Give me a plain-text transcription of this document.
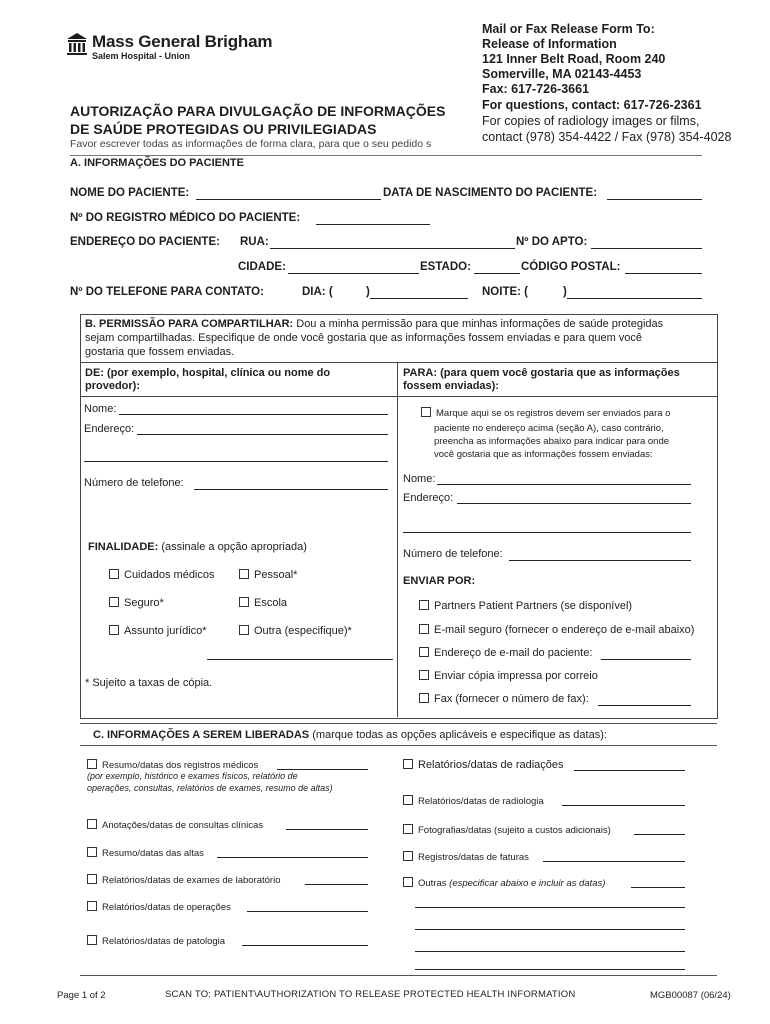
Mass General Brigham
Salem Hospital - Union
Mail or Fax Release Form To:
Release of Information
121 Inner Belt Road, Room 240
Somerville, MA 02143-4453
Fax: 617-726-3661
For questions, contact: 617-726-2361
For copies of radiology images or films,
contact (978) 354-4422 / Fax (978) 354-4028
AUTORIZAÇÃO PARA DIVULGAÇÃO DE INFORMAÇÕES
DE SAÚDE PROTEGIDAS OU PRIVILEGIADAS
Favor escrever todas as informações de forma clara, para que o seu pedido s
A. INFORMAÇÕES DO PACIENTE
NOME DO PACIENTE:	DATA DE NASCIMENTO DO PACIENTE:
Nº DO REGISTRO MÉDICO DO PACIENTE:
ENDEREÇO DO PACIENTE: RUA:	Nº DO APTO:
CIDADE:	ESTADO:	CÓDIGO POSTAL:
Nº DO TELEFONE PARA CONTATO:	DIA: (	)	NOITE: (	)
B. PERMISSÃO PARA COMPARTILHAR: Dou a minha permissão para que minhas informações de saúde protegidas
sejam compartilhadas. Especifique de onde você gostaria que as informações fossem enviadas e para quem você
gostaria que fossem enviadas.
DE: (por exemplo, hospital, clínica ou nome do
provedor):
Nome:
Endereço:
Número de telefone:
FINALIDADE: (assinale a opção apropriada)
Cuidados médicos	Pessoal*
Seguro*	Escola
Assunto jurídico*	Outra (especifique)*
* Sujeito a taxas de cópia.
PARA: (para quem você gostaria que as informações
fossem enviadas):
Marque aqui se os registros devem ser enviados para o
paciente no endereço acima (seção A), caso contrário,
preencha as informações abaixo para indicar para onde
você gostaria que as informações fossem enviadas:
Nome:
Endereço:
Número de telefone:
ENVIAR POR:
Partners Patient Partners (se disponível)
E-mail seguro (fornecer o endereço de e-mail abaixo)
Endereço de e-mail do paciente:
Enviar cópia impressa por correio
Fax (fornecer o número de fax):
C. INFORMAÇÕES A SEREM LIBERADAS (marque todas as opções aplicáveis e especifique as datas):
Resumo/datas dos registros médicos
(por exemplo, histórico e exames físicos, relatório de
operações, consultas, relatórios de exames, resumo de altas)
Anotações/datas de consultas clínicas
Resumo/datas das altas
Relatórios/datas de exames de laboratório
Relatórios/datas de operações
Relatórios/datas de patologia
Relatórios/datas de radiações
Relatórios/datas de radiologia
Fotografias/datas (sujeito a custos adicionais)
Registros/datas de faturas
Outras (especificar abaixo e incluir as datas)
Page 1 of 2	SCAN TO: PATIENT\AUTHORIZATION TO RELEASE PROTECTED HEALTH INFORMATION	MGB00087 (06/24)
